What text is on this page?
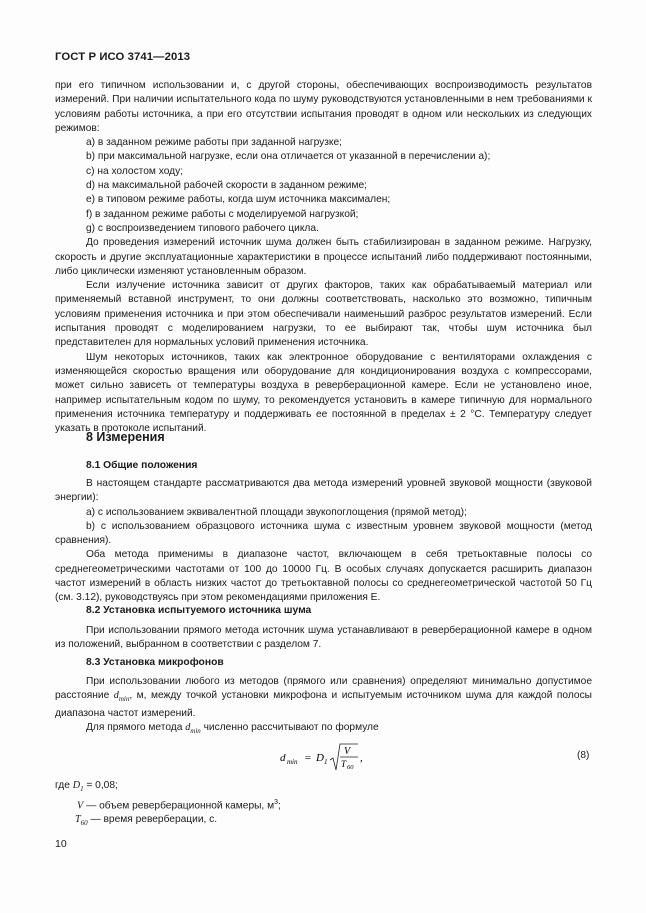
ГОСТ Р ИСО 3741—2013

при его типичном использовании и, с другой стороны, обеспечивающих воспроизводимость результатов измерений. При наличии испытательного кода по шуму руководствуются установленными в нем требованиями к условиям работы источника, а при его отсутствии испытания проводят в одном или нескольких из следующих режимов:

a) в заданном режиме работы при заданной нагрузке;

b) при максимальной нагрузке, если она отличается от указанной в перечислении а);

c) на холостом ходу;

d) на максимальной рабочей скорости в заданном режиме;

e) в типовом режиме работы, когда шум источника максимален;

f) в заданном режиме работы с моделируемой нагрузкой;

g) с воспроизведением типового рабочего цикла.

До проведения измерений источник шума должен быть стабилизирован в заданном режиме. Нагрузку, скорость и другие эксплуатационные характеристики в процессе испытаний либо поддерживают постоянными, либо циклически изменяют установленным образом.

Если излучение источника зависит от других факторов, таких как обрабатываемый материал или применяемый вставной инструмент, то они должны соответствовать, насколько это возможно, типичным условиям применения источника и при этом обеспечивали наименьший разброс результатов измерений. Если испытания проводят с моделированием нагрузки, то ее выбирают так, чтобы шум источника был представителен для нормальных условий применения источника.

Шум некоторых источников, таких как электронное оборудование с вентиляторами охлаждения с изменяющейся скоростью вращения или оборудование для кондиционирования воздуха с компрессорами, может сильно зависеть от температуры воздуха в реверберационной камере. Если не установлено иное, например испытательным кодом по шуму, то рекомендуется установить в камере типичную для нормального применения источника температуру и поддерживать ее постоянной в пределах ± 2 °С. Температуру следует указать в протоколе испытаний.

8 Измерения
8.1 Общие положения

В настоящем стандарте рассматриваются два метода измерений уровней звуковой мощности (звуковой энергии):

a) с использованием эквивалентной площади звукопоглощения (прямой метод);

b) с использованием образцового источника шума с известным уровнем звуковой мощности (метод сравнения).

Оба метода применимы в диапазоне частот, включающем в себя третьоктавные полосы со среднегеометрическими частотами от 100 до 10000 Гц. В особых случаях допускается расширить диапазон частот измерений в область низких частот до третьоктавной полосы со среднегеометрической частотой 50 Гц (см. 3.12), руководствуясь при этом рекомендациями приложения Е.

8.2 Установка испытуемого источника шума

При использовании прямого метода источник шума устанавливают в реверберационной камере в одном из положений, выбранном в соответствии с разделом 7.

8.3 Установка микрофонов

При использовании любого из методов (прямого или сравнения) определяют минимально допустимое расстояние $d_{min}$, м, между точкой установки микрофона и испытуемым источником шума для каждой полосы диапазона частот измерений.

Для прямого метода $d_{min}$ численно рассчитывают по формуле

d min = D 1
V
T 60
,	(8)
где $D_1 = 0,08$;
V — объем реверберационной камеры, $м^3$;
$T_{60}$ — время реверберации, с.
10
